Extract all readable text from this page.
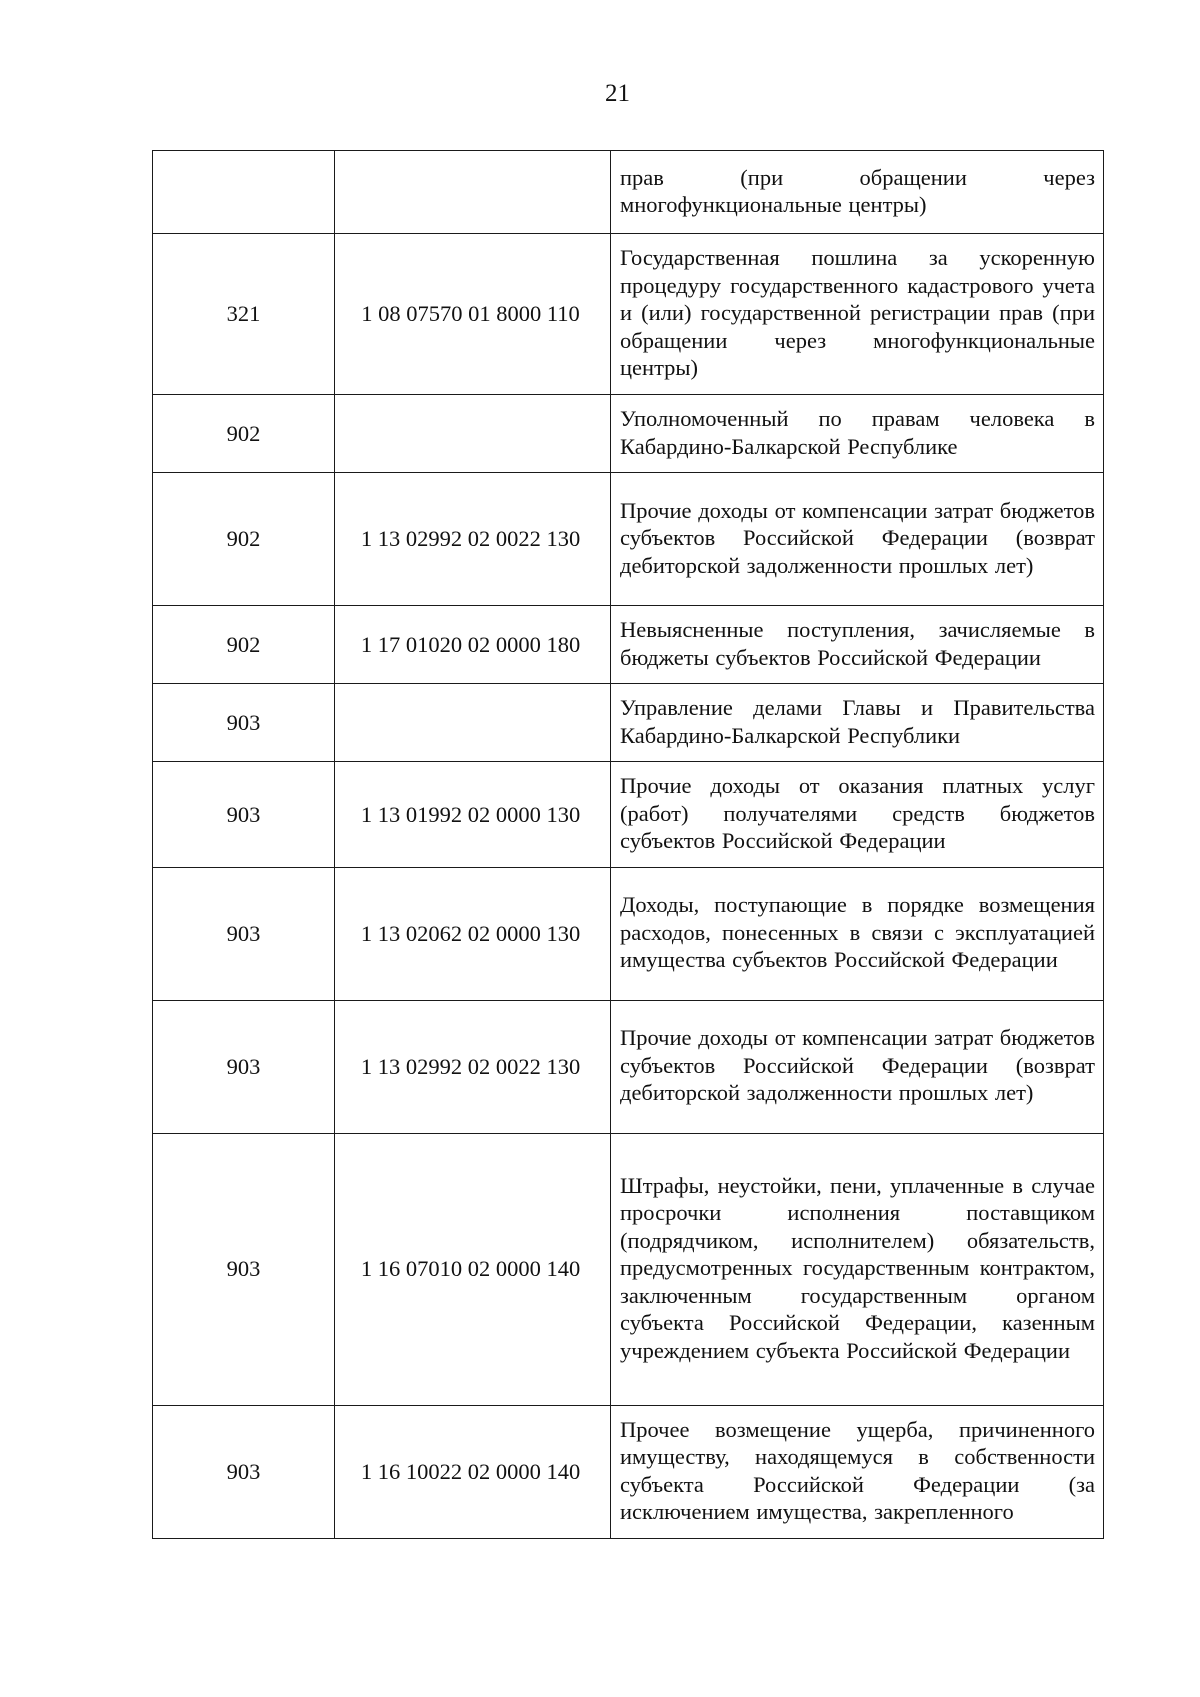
21
		прав (при обращении через многофункциональные центры)
321	1 08 07570 01 8000 110	Государственная пошлина за ускоренную процедуру государственного кадастрового учета и (или) государственной регистрации прав (при обращении через многофункциональные центры)
902		Уполномоченный по правам человека в Кабардино-Балкарской Республике
902	1 13 02992 02 0022 130	Прочие доходы от компенсации затрат бюджетов субъектов Российской Федерации (возврат дебиторской задолженности прошлых лет)
902	1 17 01020 02 0000 180	Невыясненные поступления, зачисляемые в бюджеты субъектов Российской Федерации
903		Управление делами Главы и Правительства Кабардино-Балкарской Республики
903	1 13 01992 02 0000 130	Прочие доходы от оказания платных услуг (работ) получателями средств бюджетов субъектов Российской Федерации
903	1 13 02062 02 0000 130	Доходы, поступающие в порядке возмещения расходов, понесенных в связи с эксплуатацией имущества субъектов Российской Федерации
903	1 13 02992 02 0022 130	Прочие доходы от компенсации затрат бюджетов субъектов Российской Федерации (возврат дебиторской задолженности прошлых лет)
903	1 16 07010 02 0000 140	Штрафы, неустойки, пени, уплаченные в случае просрочки исполнения поставщиком (подрядчиком, исполнителем) обязательств, предусмотренных государственным контрактом, заключенным государственным органом субъекта Российской Федерации, казенным учреждением субъекта Российской Федерации
903	1 16 10022 02 0000 140	Прочее возмещение ущерба, причиненного имуществу, находящемуся в собственности субъекта Российской Федерации (за исключением имущества, закрепленного
